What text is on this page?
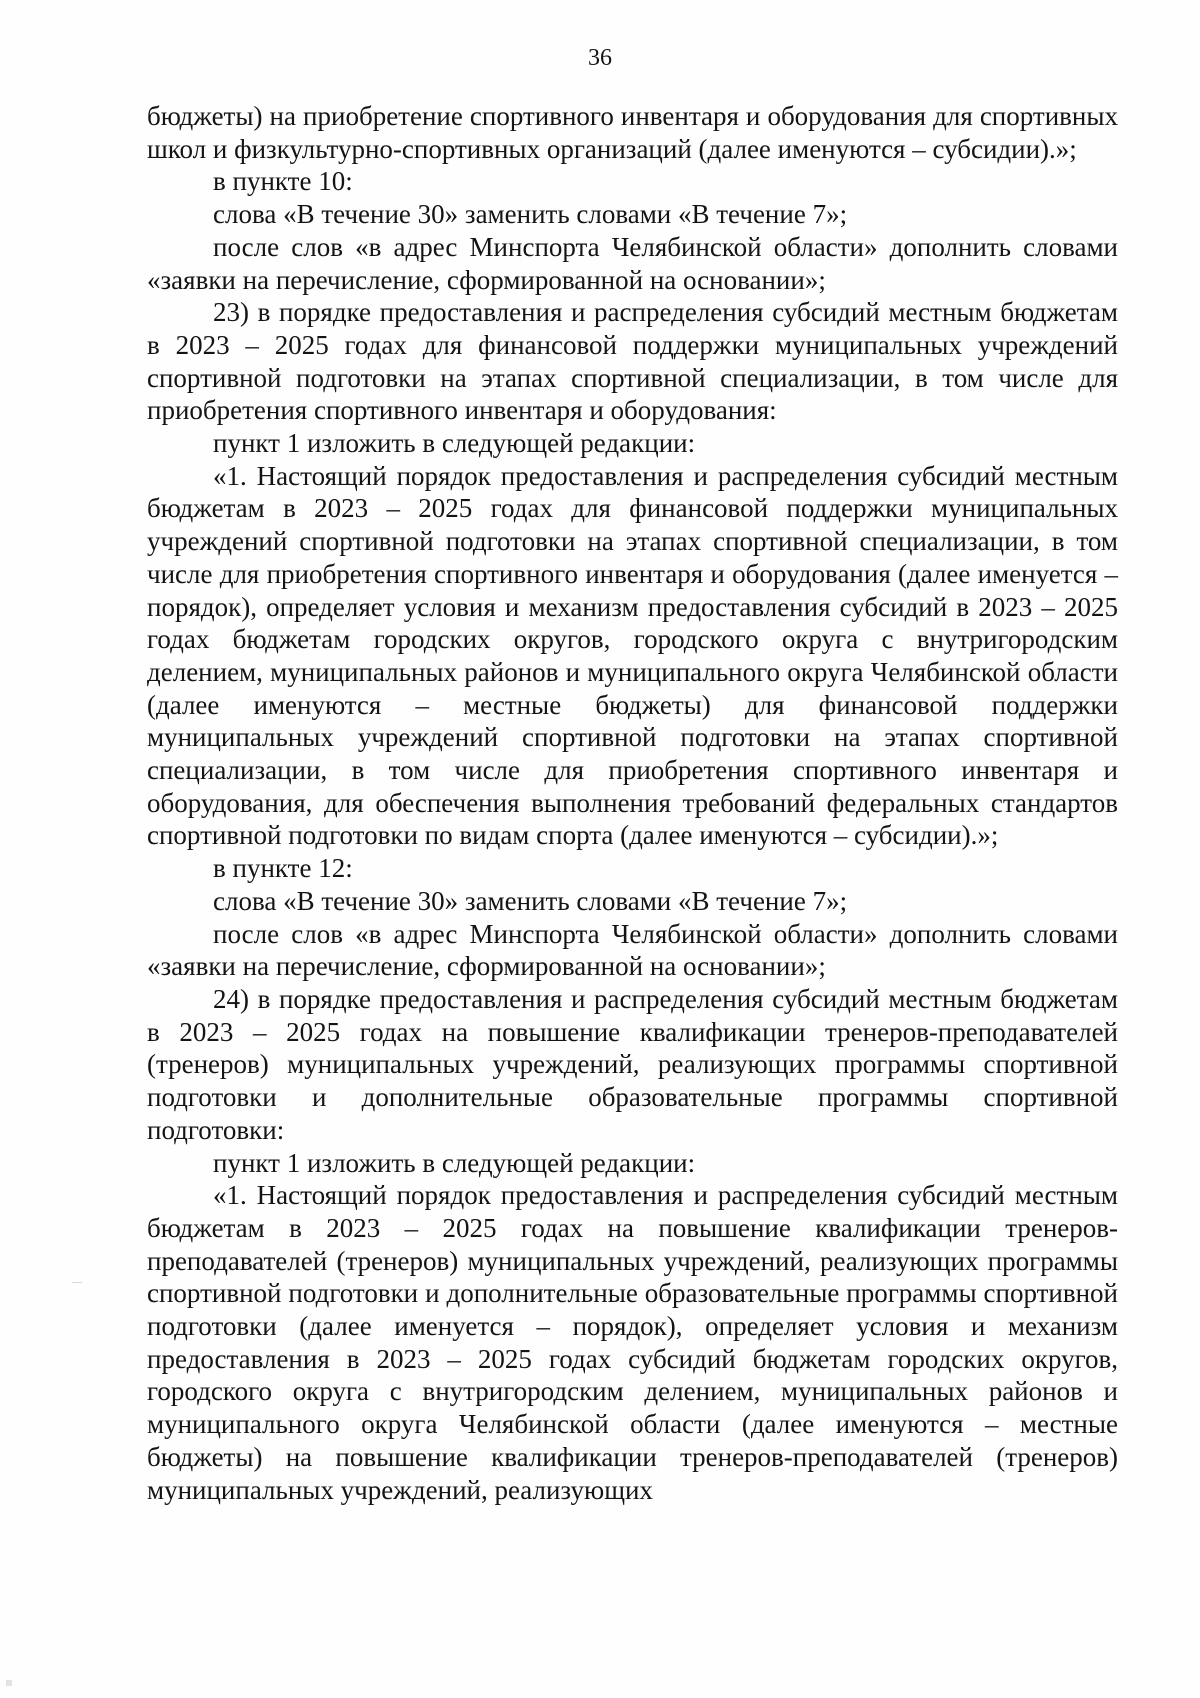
36

бюджеты) на приобретение спортивного инвентаря и оборудования для спортивных школ и физкультурно-спортивных организаций (далее именуются – субсидии).»;

в пункте 10:

слова «В течение 30» заменить словами «В течение 7»;

после слов «в адрес Минспорта Челябинской области» дополнить словами «заявки на перечисление, сформированной на основании»;

23) в порядке предоставления и распределения субсидий местным бюджетам в 2023 – 2025 годах для финансовой поддержки муниципальных учреждений спортивной подготовки на этапах спортивной специализации, в том числе для приобретения спортивного инвентаря и оборудования:

пункт 1 изложить в следующей редакции:

«1. Настоящий порядок предоставления и распределения субсидий местным бюджетам в 2023 – 2025 годах для финансовой поддержки муниципальных учреждений спортивной подготовки на этапах спортивной специализации, в том числе для приобретения спортивного инвентаря и оборудования (далее именуется – порядок), определяет условия и механизм предоставления субсидий в 2023 – 2025 годах бюджетам городских округов, городского округа с внутригородским делением, муниципальных районов и муниципального округа Челябинской области (далее именуются – местные бюджеты) для финансовой поддержки муниципальных учреждений спортивной подготовки на этапах спортивной специализации, в том числе для приобретения спортивного инвентаря и оборудования, для обеспечения выполнения требований федеральных стандартов спортивной подготовки по видам спорта (далее именуются – субсидии).»;

в пункте 12:

слова «В течение 30» заменить словами «В течение 7»;

после слов «в адрес Минспорта Челябинской области» дополнить словами «заявки на перечисление, сформированной на основании»;

24) в порядке предоставления и распределения субсидий местным бюджетам в 2023 – 2025 годах на повышение квалификации тренеров-преподавателей (тренеров) муниципальных учреждений, реализующих программы спортивной подготовки и дополнительные образовательные программы спортивной подготовки:

пункт 1 изложить в следующей редакции:

«1. Настоящий порядок предоставления и распределения субсидий местным бюджетам в 2023 – 2025 годах на повышение квалификации тренеров-преподавателей (тренеров) муниципальных учреждений, реализующих программы спортивной подготовки и дополнительные образовательные программы спортивной подготовки (далее именуется – порядок), определяет условия и механизм предоставления в 2023 – 2025 годах субсидий бюджетам городских округов, городского округа с внутригородским делением, муниципальных районов и муниципального округа Челябинской области (далее именуются – местные бюджеты) на повышение квалификации тренеров-преподавателей (тренеров) муниципальных учреждений, реализующих
